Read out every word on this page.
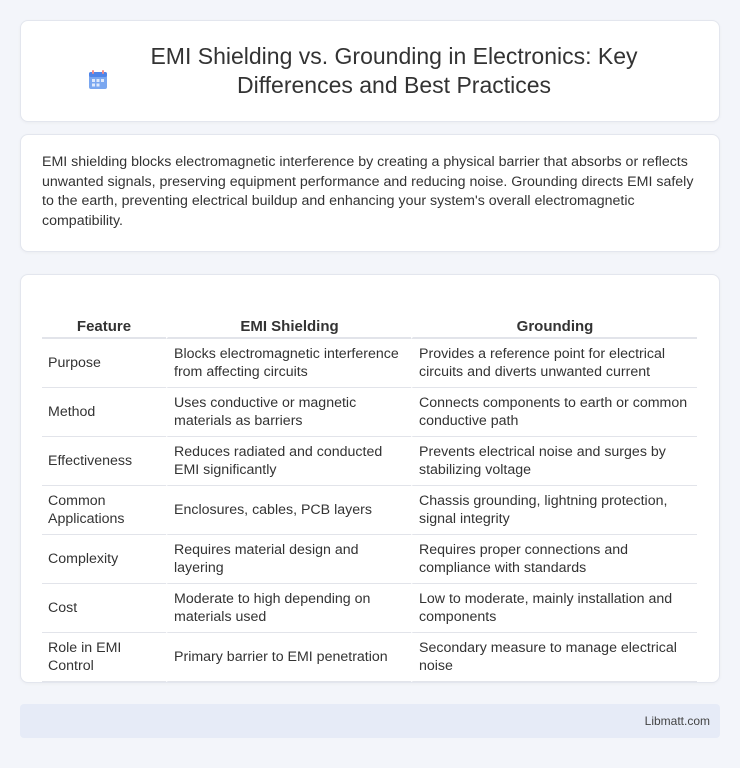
EMI Shielding vs. Grounding in Electronics: Key Differences and Best Practices

EMI shielding blocks electromagnetic interference by creating a physical barrier that absorbs or reflects unwanted signals, preserving equipment performance and reducing noise. Grounding directs EMI safely to the earth, preventing electrical buildup and enhancing your system's overall electromagnetic compatibility.

Feature	EMI Shielding	Grounding
Purpose	Blocks electromagnetic interference from affecting circuits	Provides a reference point for electrical circuits and diverts unwanted current
Method	Uses conductive or magnetic materials as barriers	Connects components to earth or common conductive path
Effectiveness	Reduces radiated and conducted EMI significantly	Prevents electrical noise and surges by stabilizing voltage
Common Applications	Enclosures, cables, PCB layers	Chassis grounding, lightning protection, signal integrity
Complexity	Requires material design and layering	Requires proper connections and compliance with standards
Cost	Moderate to high depending on materials used	Low to moderate, mainly installation and components
Role in EMI Control	Primary barrier to EMI penetration	Secondary measure to manage electrical noise
Libmatt.com
